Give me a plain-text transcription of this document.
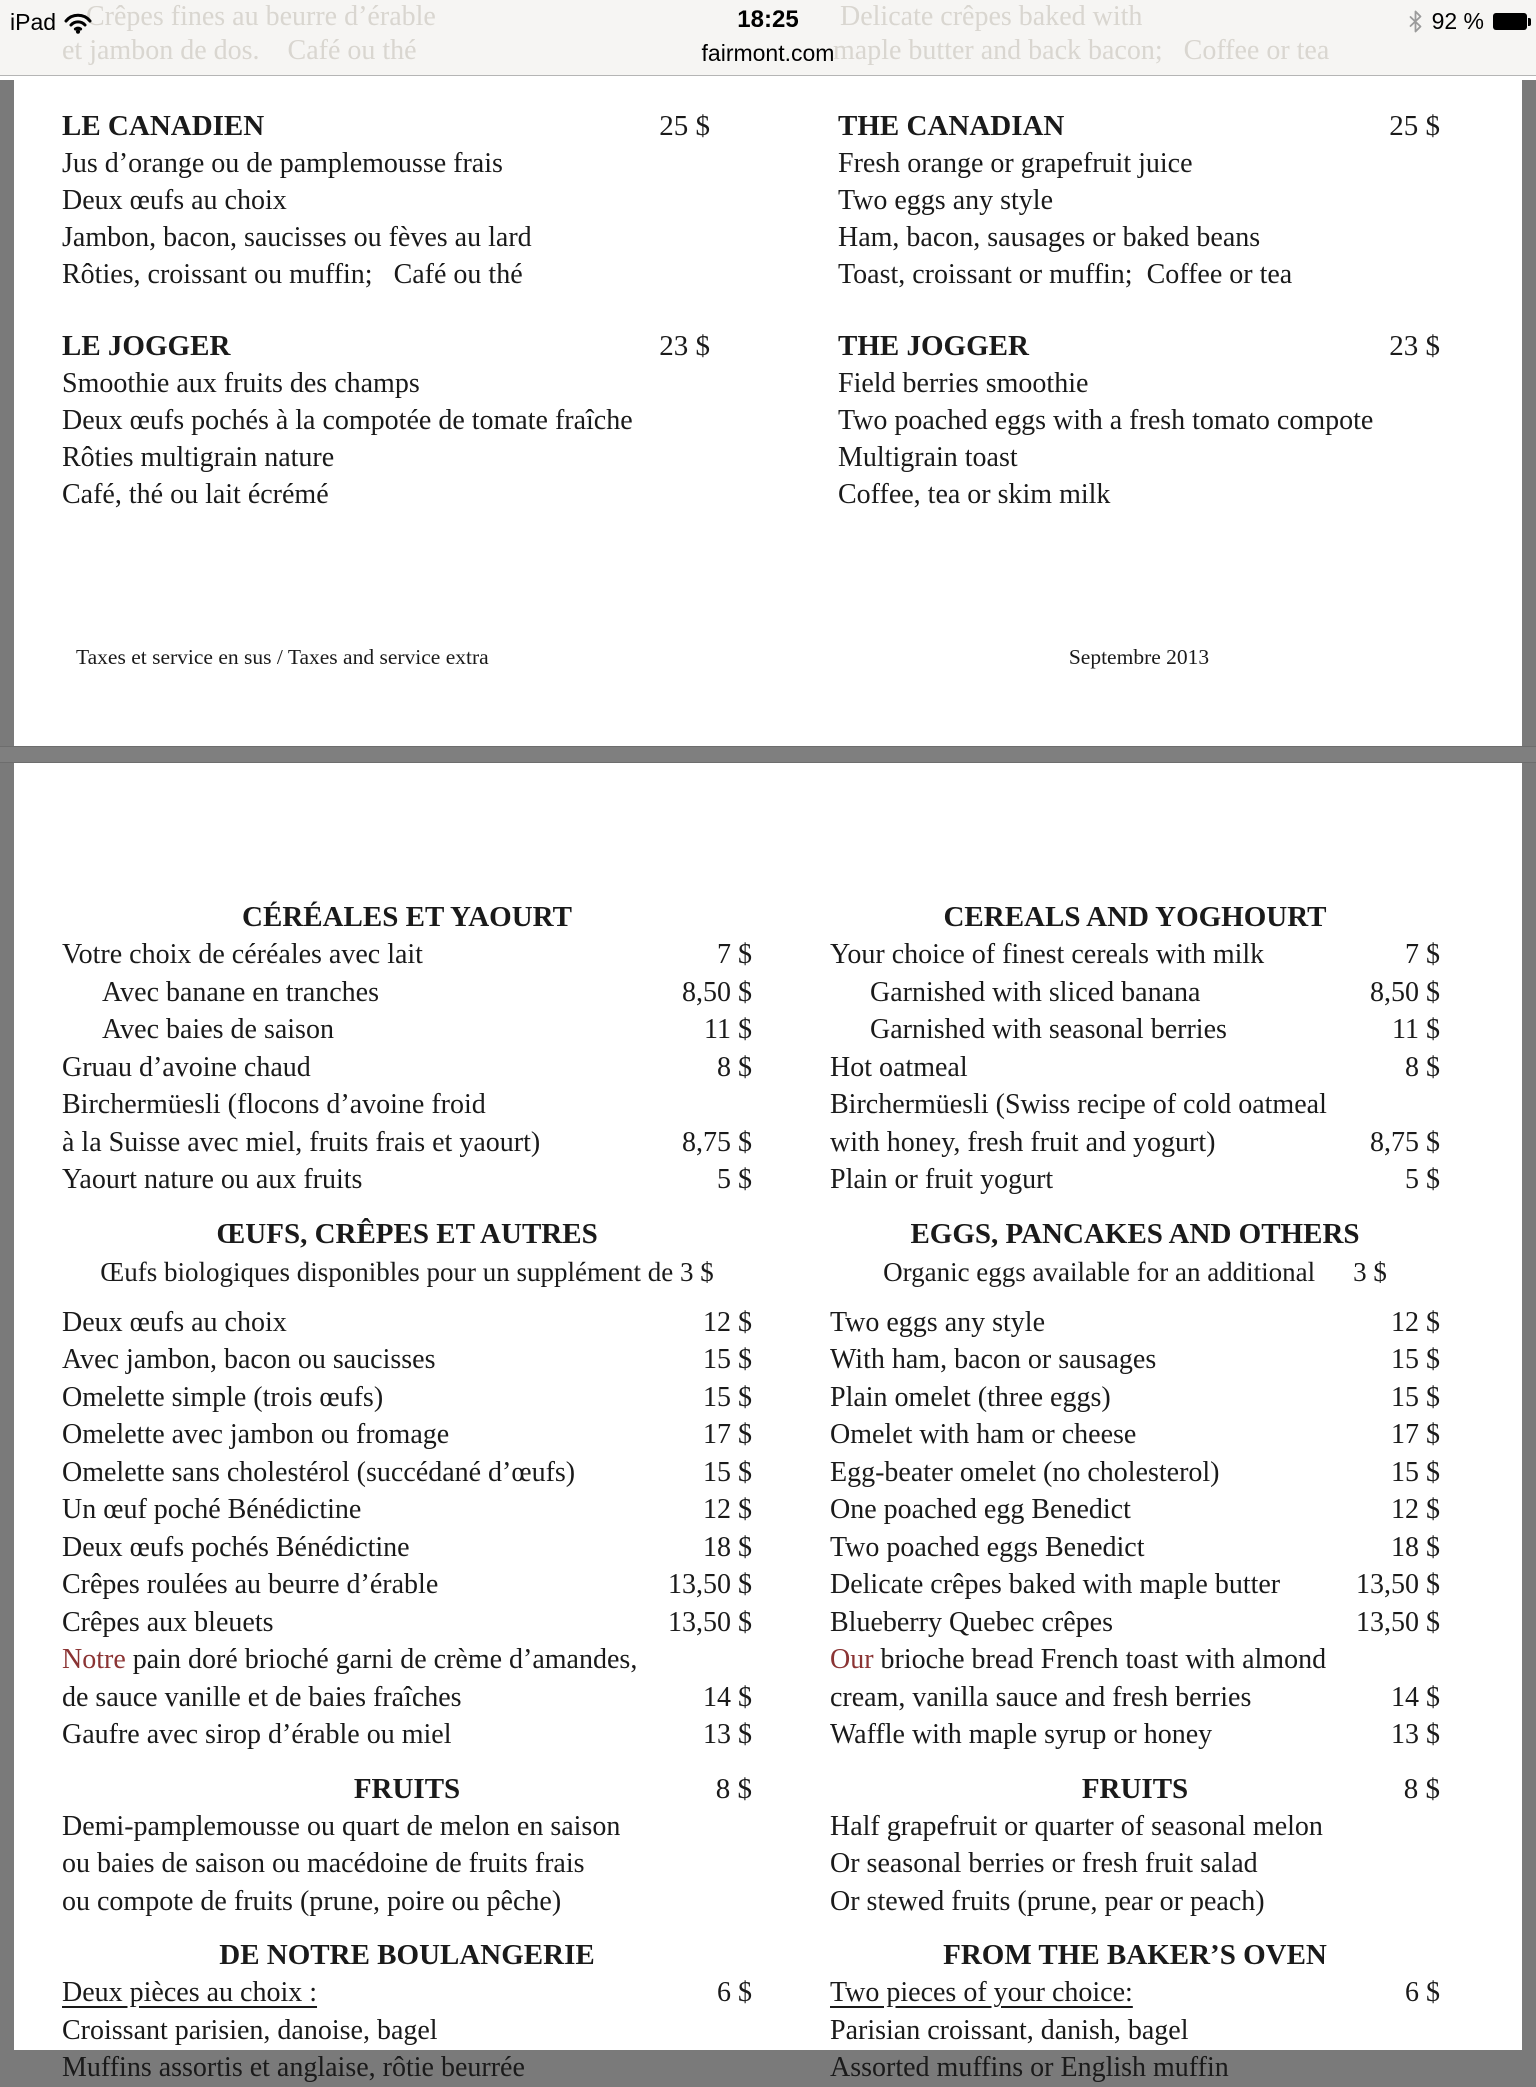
Crêpes fines au beurre d’érable
et jambon de dos.    Café ou thé
Delicate crêpes baked with
maple butter and back bacon;   Coffee or tea
iPad	18:25
fairmont.com
92 %
LE CANADIEN	25 $
Jus d’orange ou de pamplemousse frais
Deux œufs au choix
Jambon, bacon, saucisses ou fèves au lard
Rôties, croissant ou muffin;   Café ou thé
LE JOGGER	23 $
Smoothie aux fruits des champs
Deux œufs pochés à la compotée de tomate fraîche
Rôties multigrain nature
Café, thé ou lait écrémé
THE CANADIAN	25 $
Fresh orange or grapefruit juice
Two eggs any style
Ham, bacon, sausages or baked beans
Toast, croissant or muffin;  Coffee or tea
THE JOGGER	23 $
Field berries smoothie
Two poached eggs with a fresh tomato compote
Multigrain toast
Coffee, tea or skim milk
Taxes et service en sus / Taxes and service extra	Septembre 2013
CÉRÉALES ET YAOURT
Votre choix de céréales avec lait	7 $
Avec banane en tranches	8,50 $
Avec baies de saison	11 $
Gruau d’avoine chaud	8 $
Birchermüesli (flocons d’avoine froid
à la Suisse avec miel, fruits frais et yaourt)	8,75 $
Yaourt nature ou aux fruits	5 $
ŒUFS, CRÊPES ET AUTRES
Œufs biologiques disponibles pour un supplément de 3 $
Deux œufs au choix	12 $
Avec jambon, bacon ou saucisses	15 $
Omelette simple (trois œufs)	15 $
Omelette avec jambon ou fromage	17 $
Omelette sans cholestérol (succédané d’œufs)	15 $
Un œuf poché Bénédictine	12 $
Deux œufs pochés Bénédictine	18 $
Crêpes roulées au beurre d’érable	13,50 $
Crêpes aux bleuets	13,50 $
Notre pain doré brioché garni de crème d’amandes,
de sauce vanille et de baies fraîches	14 $
Gaufre avec sirop d’érable ou miel	13 $
FRUITS	8 $
Demi-pamplemousse ou quart de melon en saison
ou baies de saison ou macédoine de fruits frais
ou compote de fruits (prune, poire ou pêche)
DE NOTRE BOULANGERIE
Deux pièces au choix :	6 $
Croissant parisien, danoise, bagel
Muffins assortis et anglaise, rôtie beurrée
CEREALS AND YOGHOURT
Your choice of finest cereals with milk	7 $
Garnished with sliced banana	8,50 $
Garnished with seasonal berries	11 $
Hot oatmeal	8 $
Birchermüesli (Swiss recipe of cold oatmeal
with honey, fresh fruit and yogurt)	8,75 $
Plain or fruit yogurt	5 $
EGGS, PANCAKES AND OTHERS
Organic eggs available for an additional 3 $
Two eggs any style	12 $
With ham, bacon or sausages	15 $
Plain omelet (three eggs)	15 $
Omelet with ham or cheese	17 $
Egg-beater omelet (no cholesterol)	15 $
One poached egg Benedict	12 $
Two poached eggs Benedict	18 $
Delicate crêpes baked with maple butter	13,50 $
Blueberry Quebec crêpes	13,50 $
Our brioche bread French toast with almond
cream, vanilla sauce and fresh berries	14 $
Waffle with maple syrup or honey	13 $
FRUITS	8 $
Half grapefruit or quarter of seasonal melon
Or seasonal berries or fresh fruit salad
Or stewed fruits (prune, pear or peach)
FROM THE BAKER’S OVEN
Two pieces of your choice:	6 $
Parisian croissant, danish, bagel
Assorted muffins or English muffin
